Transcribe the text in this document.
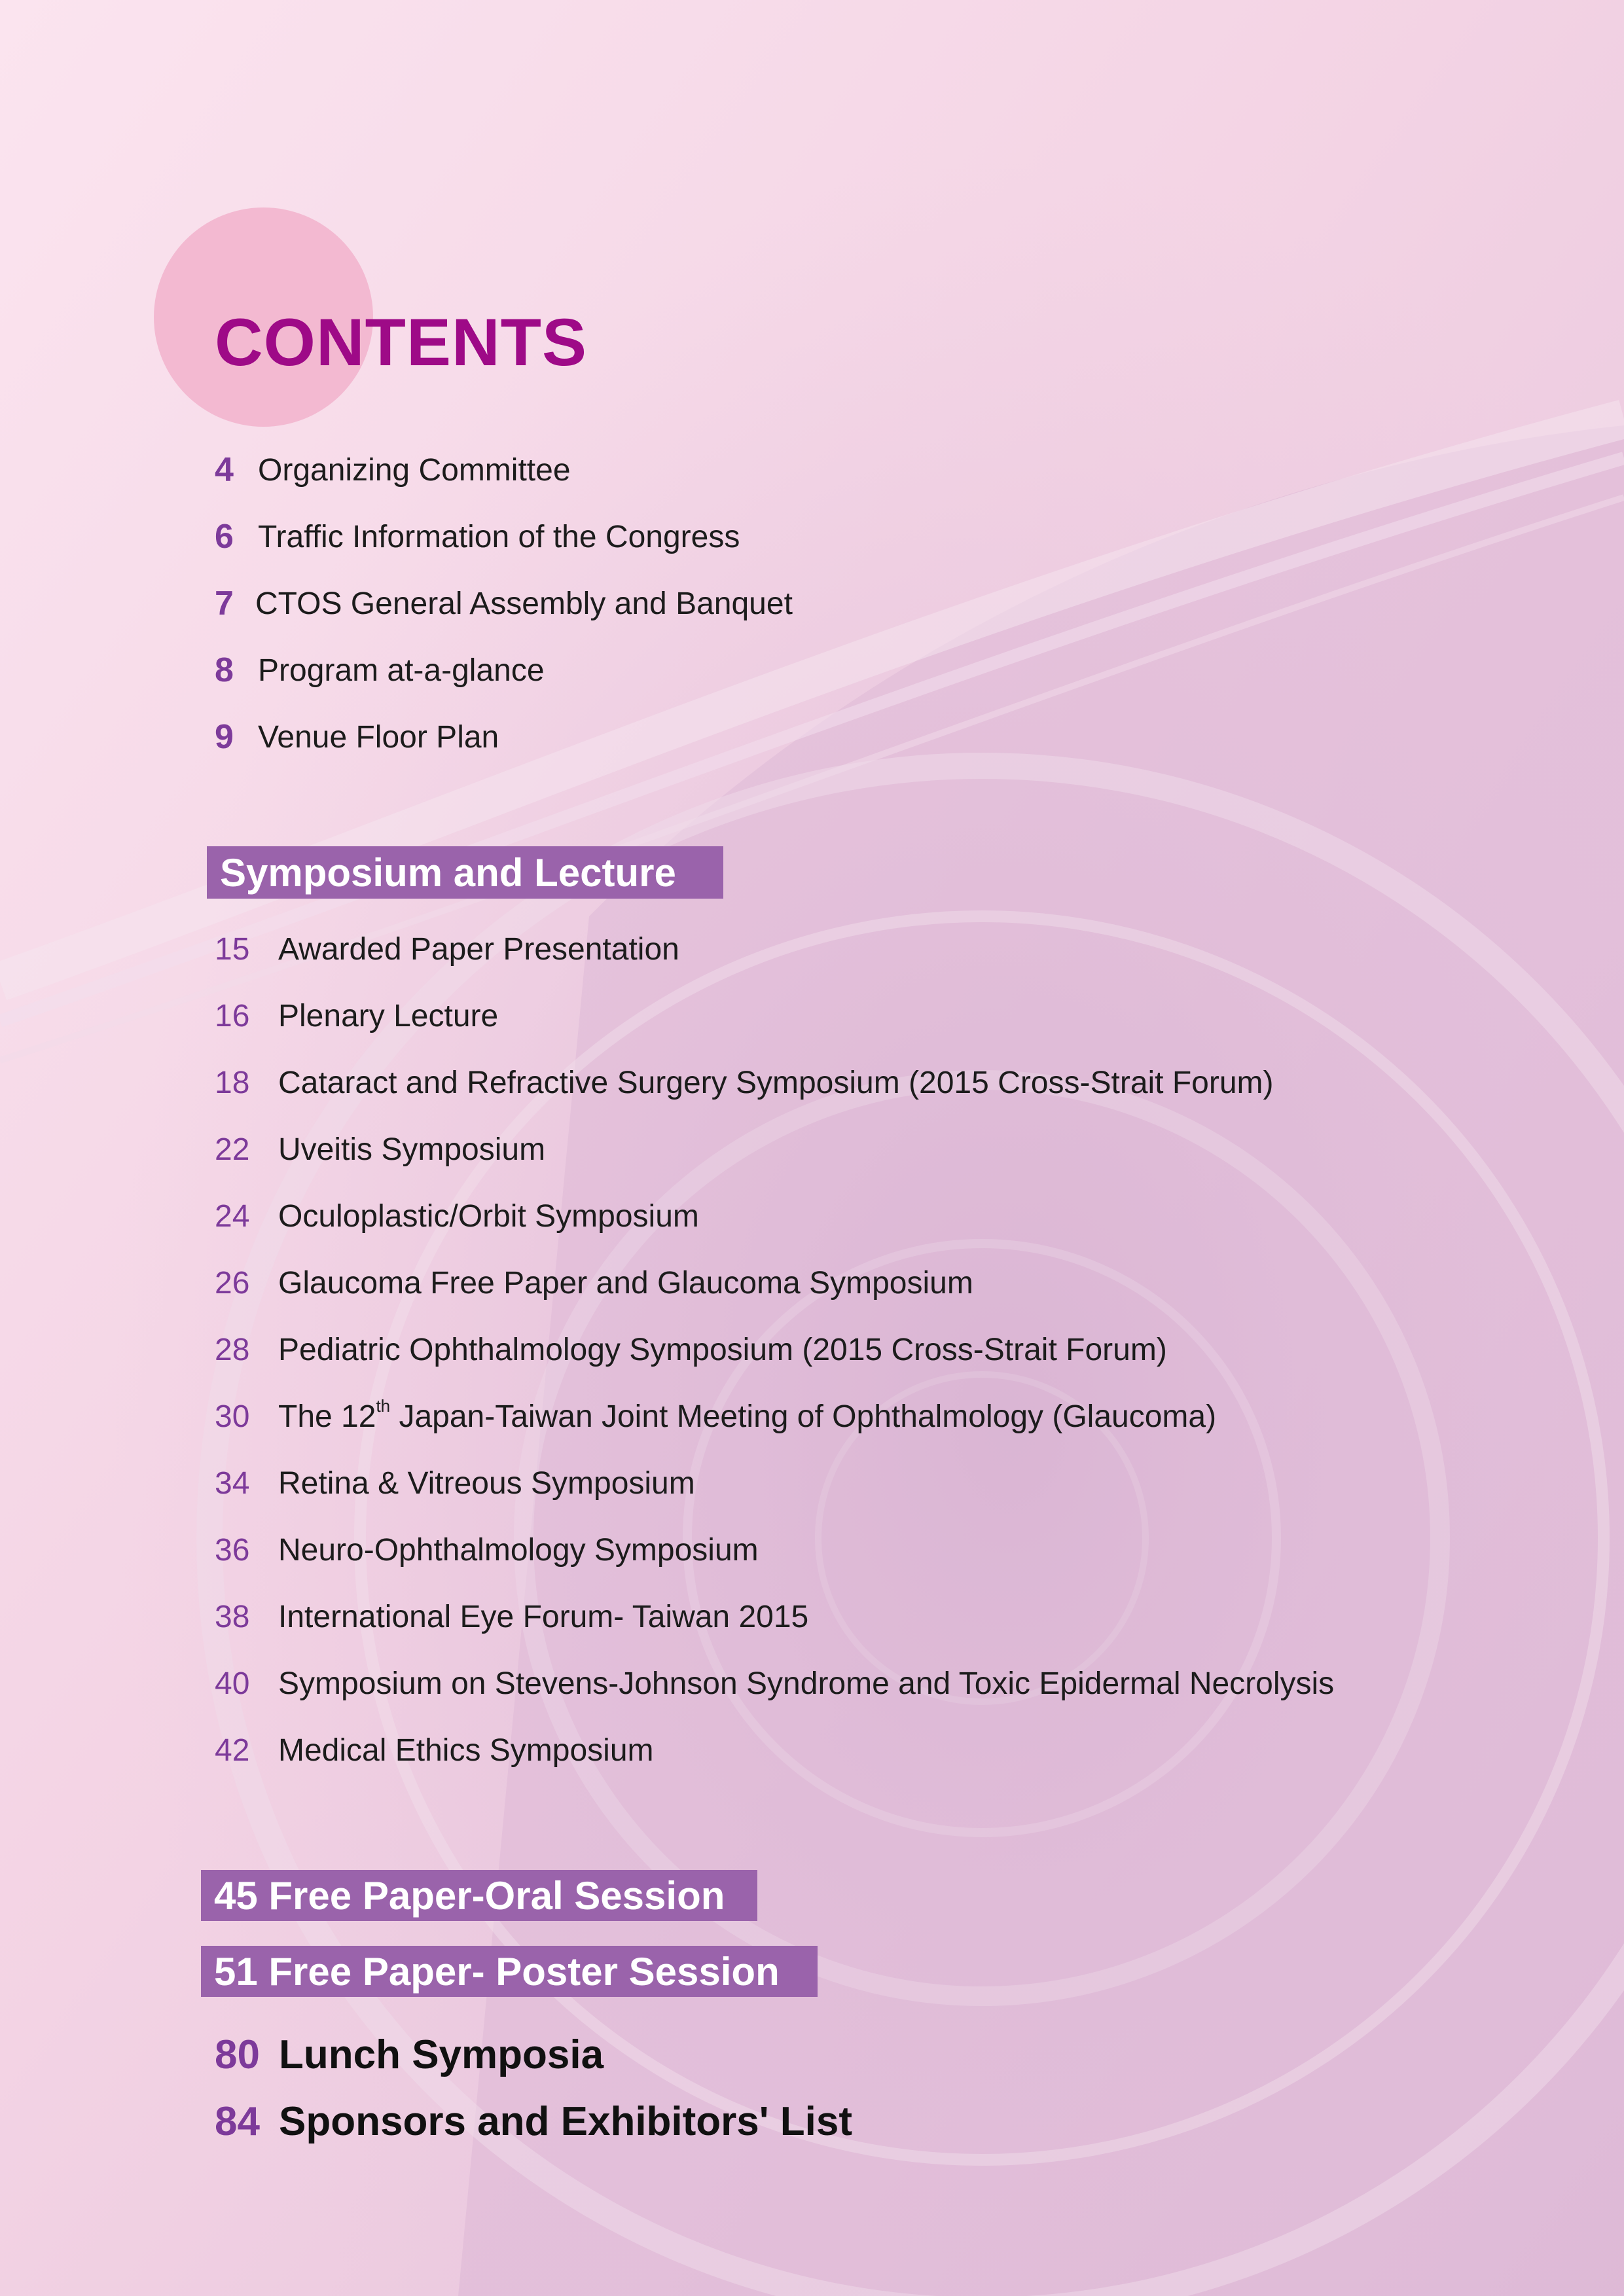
CONTENTS
4 Organizing Committee
6 Traffic Information of the Congress
7 CTOS General Assembly and Banquet
8 Program at-a-glance
9 Venue Floor Plan
Symposium and Lecture
15 Awarded Paper Presentation
16 Plenary Lecture
18 Cataract and Refractive Surgery Symposium (2015 Cross-Strait Forum)
22 Uveitis Symposium
24 Oculoplastic/Orbit Symposium
26 Glaucoma Free Paper and Glaucoma Symposium
28 Pediatric Ophthalmology Symposium (2015 Cross-Strait Forum)
30 The 12th Japan-Taiwan Joint Meeting of Ophthalmology (Glaucoma)
34 Retina & Vitreous Symposium
36 Neuro-Ophthalmology Symposium
38 International Eye Forum- Taiwan 2015
40 Symposium on Stevens-Johnson Syndrome and Toxic Epidermal Necrolysis
42 Medical Ethics Symposium
45 Free Paper-Oral Session
51 Free Paper- Poster Session
80 Lunch Symposia
84 Sponsors and Exhibitors' List
